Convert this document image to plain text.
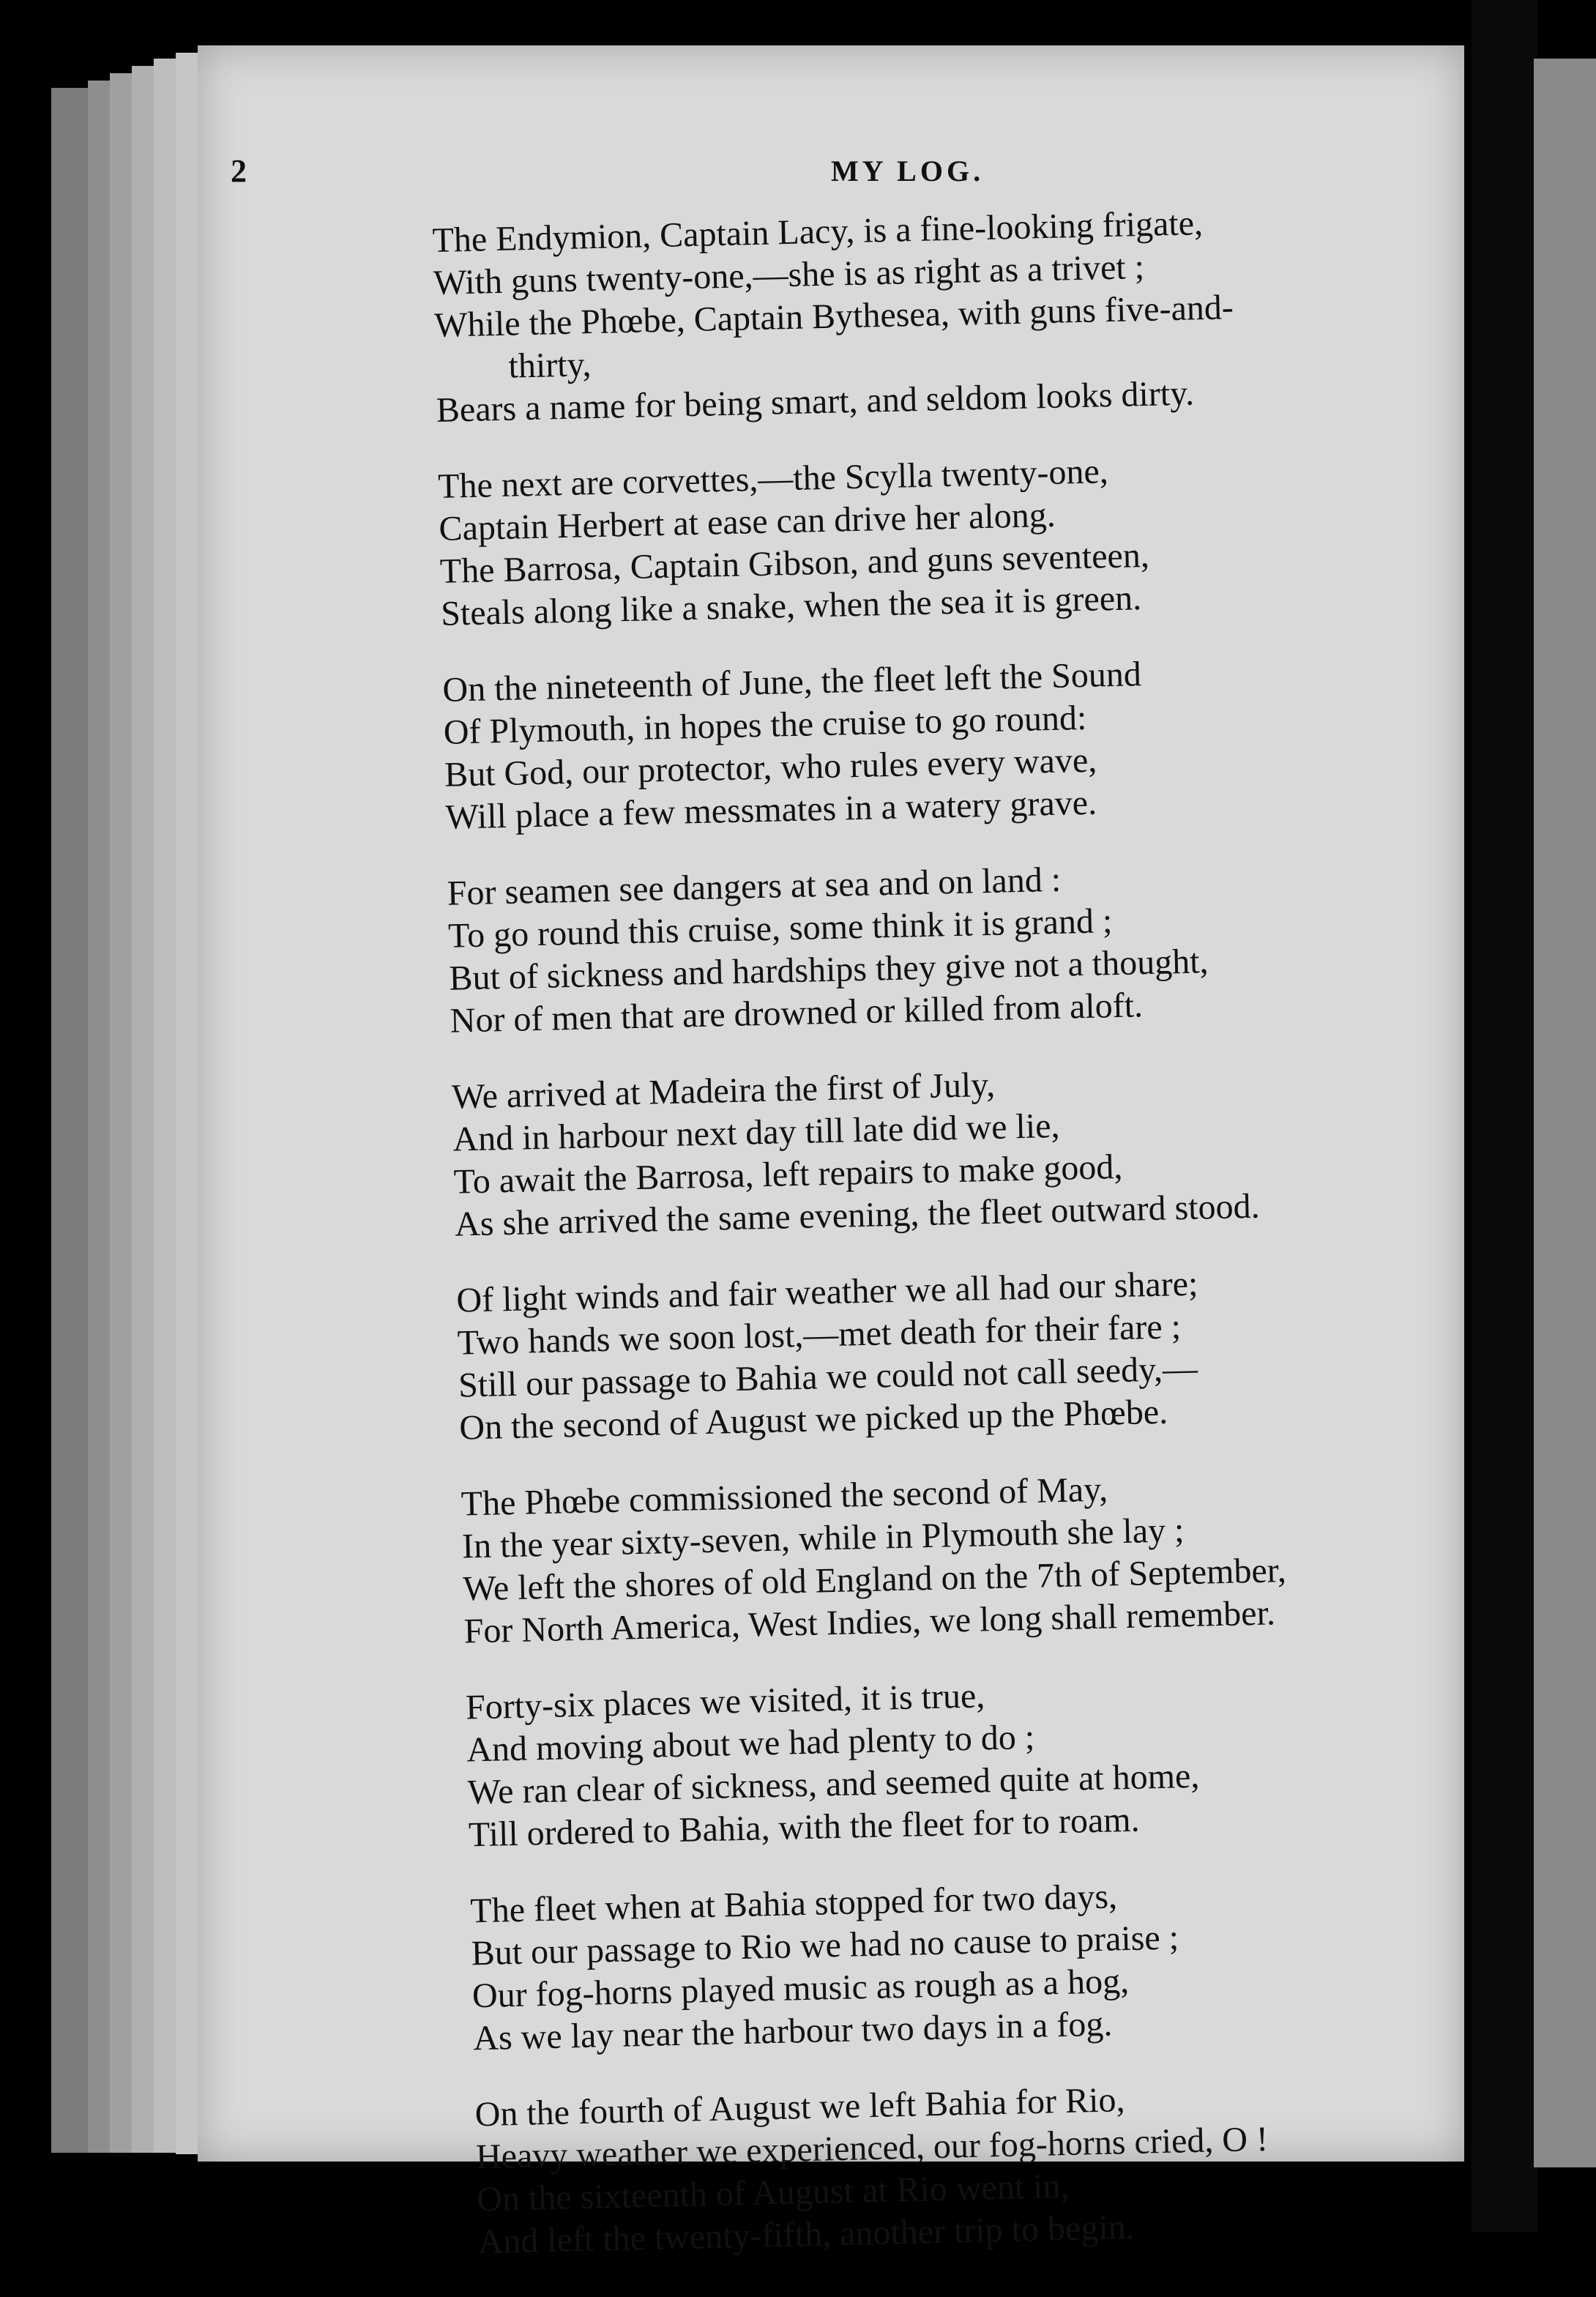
2	MY LOG.
The Endymion, Captain Lacy, is a fine-looking frigate,
With guns twenty-one,—she is as right as a trivet ;
While the Phœbe, Captain Bythesea, with guns five-and-
thirty,
Bears a name for being smart, and seldom looks dirty.
The next are corvettes,—the Scylla twenty-one,
Captain Herbert at ease can drive her along.
The Barrosa, Captain Gibson, and guns seventeen,
Steals along like a snake, when the sea it is green.
On the nineteenth of June, the fleet left the Sound
Of Plymouth, in hopes the cruise to go round:
But God, our protector, who rules every wave,
Will place a few messmates in a watery grave.
For seamen see dangers at sea and on land :
To go round this cruise, some think it is grand ;
But of sickness and hardships they give not a thought,
Nor of men that are drowned or killed from aloft.
We arrived at Madeira the first of July,
And in harbour next day till late did we lie,
To await the Barrosa, left repairs to make good,
As she arrived the same evening, the fleet outward stood.
Of light winds and fair weather we all had our share;
Two hands we soon lost,—met death for their fare ;
Still our passage to Bahia we could not call seedy,—
On the second of August we picked up the Phœbe.
The Phœbe commissioned the second of May,
In the year sixty-seven, while in Plymouth she lay ;
We left the shores of old England on the 7th of September,
For North America, West Indies, we long shall remember.
Forty-six places we visited, it is true,
And moving about we had plenty to do ;
We ran clear of sickness, and seemed quite at home,
Till ordered to Bahia, with the fleet for to roam.
The fleet when at Bahia stopped for two days,
But our passage to Rio we had no cause to praise ;
Our fog-horns played music as rough as a hog,
As we lay near the harbour two days in a fog.
On the fourth of August we left Bahia for Rio,
Heavy weather we experienced, our fog-horns cried, O !
On the sixteenth of August at Rio went in,
And left the twenty-fifth, another trip to begin.
